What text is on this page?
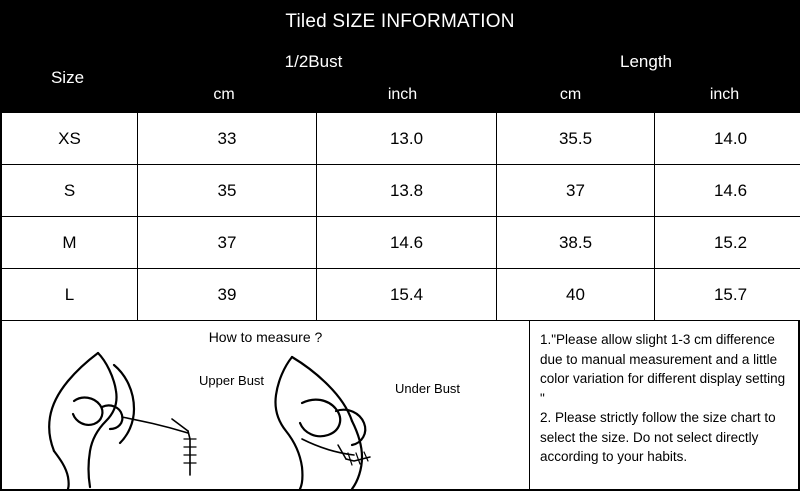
Tiled SIZE INFORMATION
Size
1/2Bust	Length
cm	inch	cm	inch
XS	33	13.0	35.5	14.0
S	35	13.8	37	14.6
M	37	14.6	38.5	15.2
L	39	15.4	40	15.7
How to measure ?
Upper Bust
Under Bust

1."Please allow slight 1-3 cm difference due to manual measurement and a little color variation for different display setting "

2. Please strictly follow the size chart to select the size. Do not select directly according to your habits.
